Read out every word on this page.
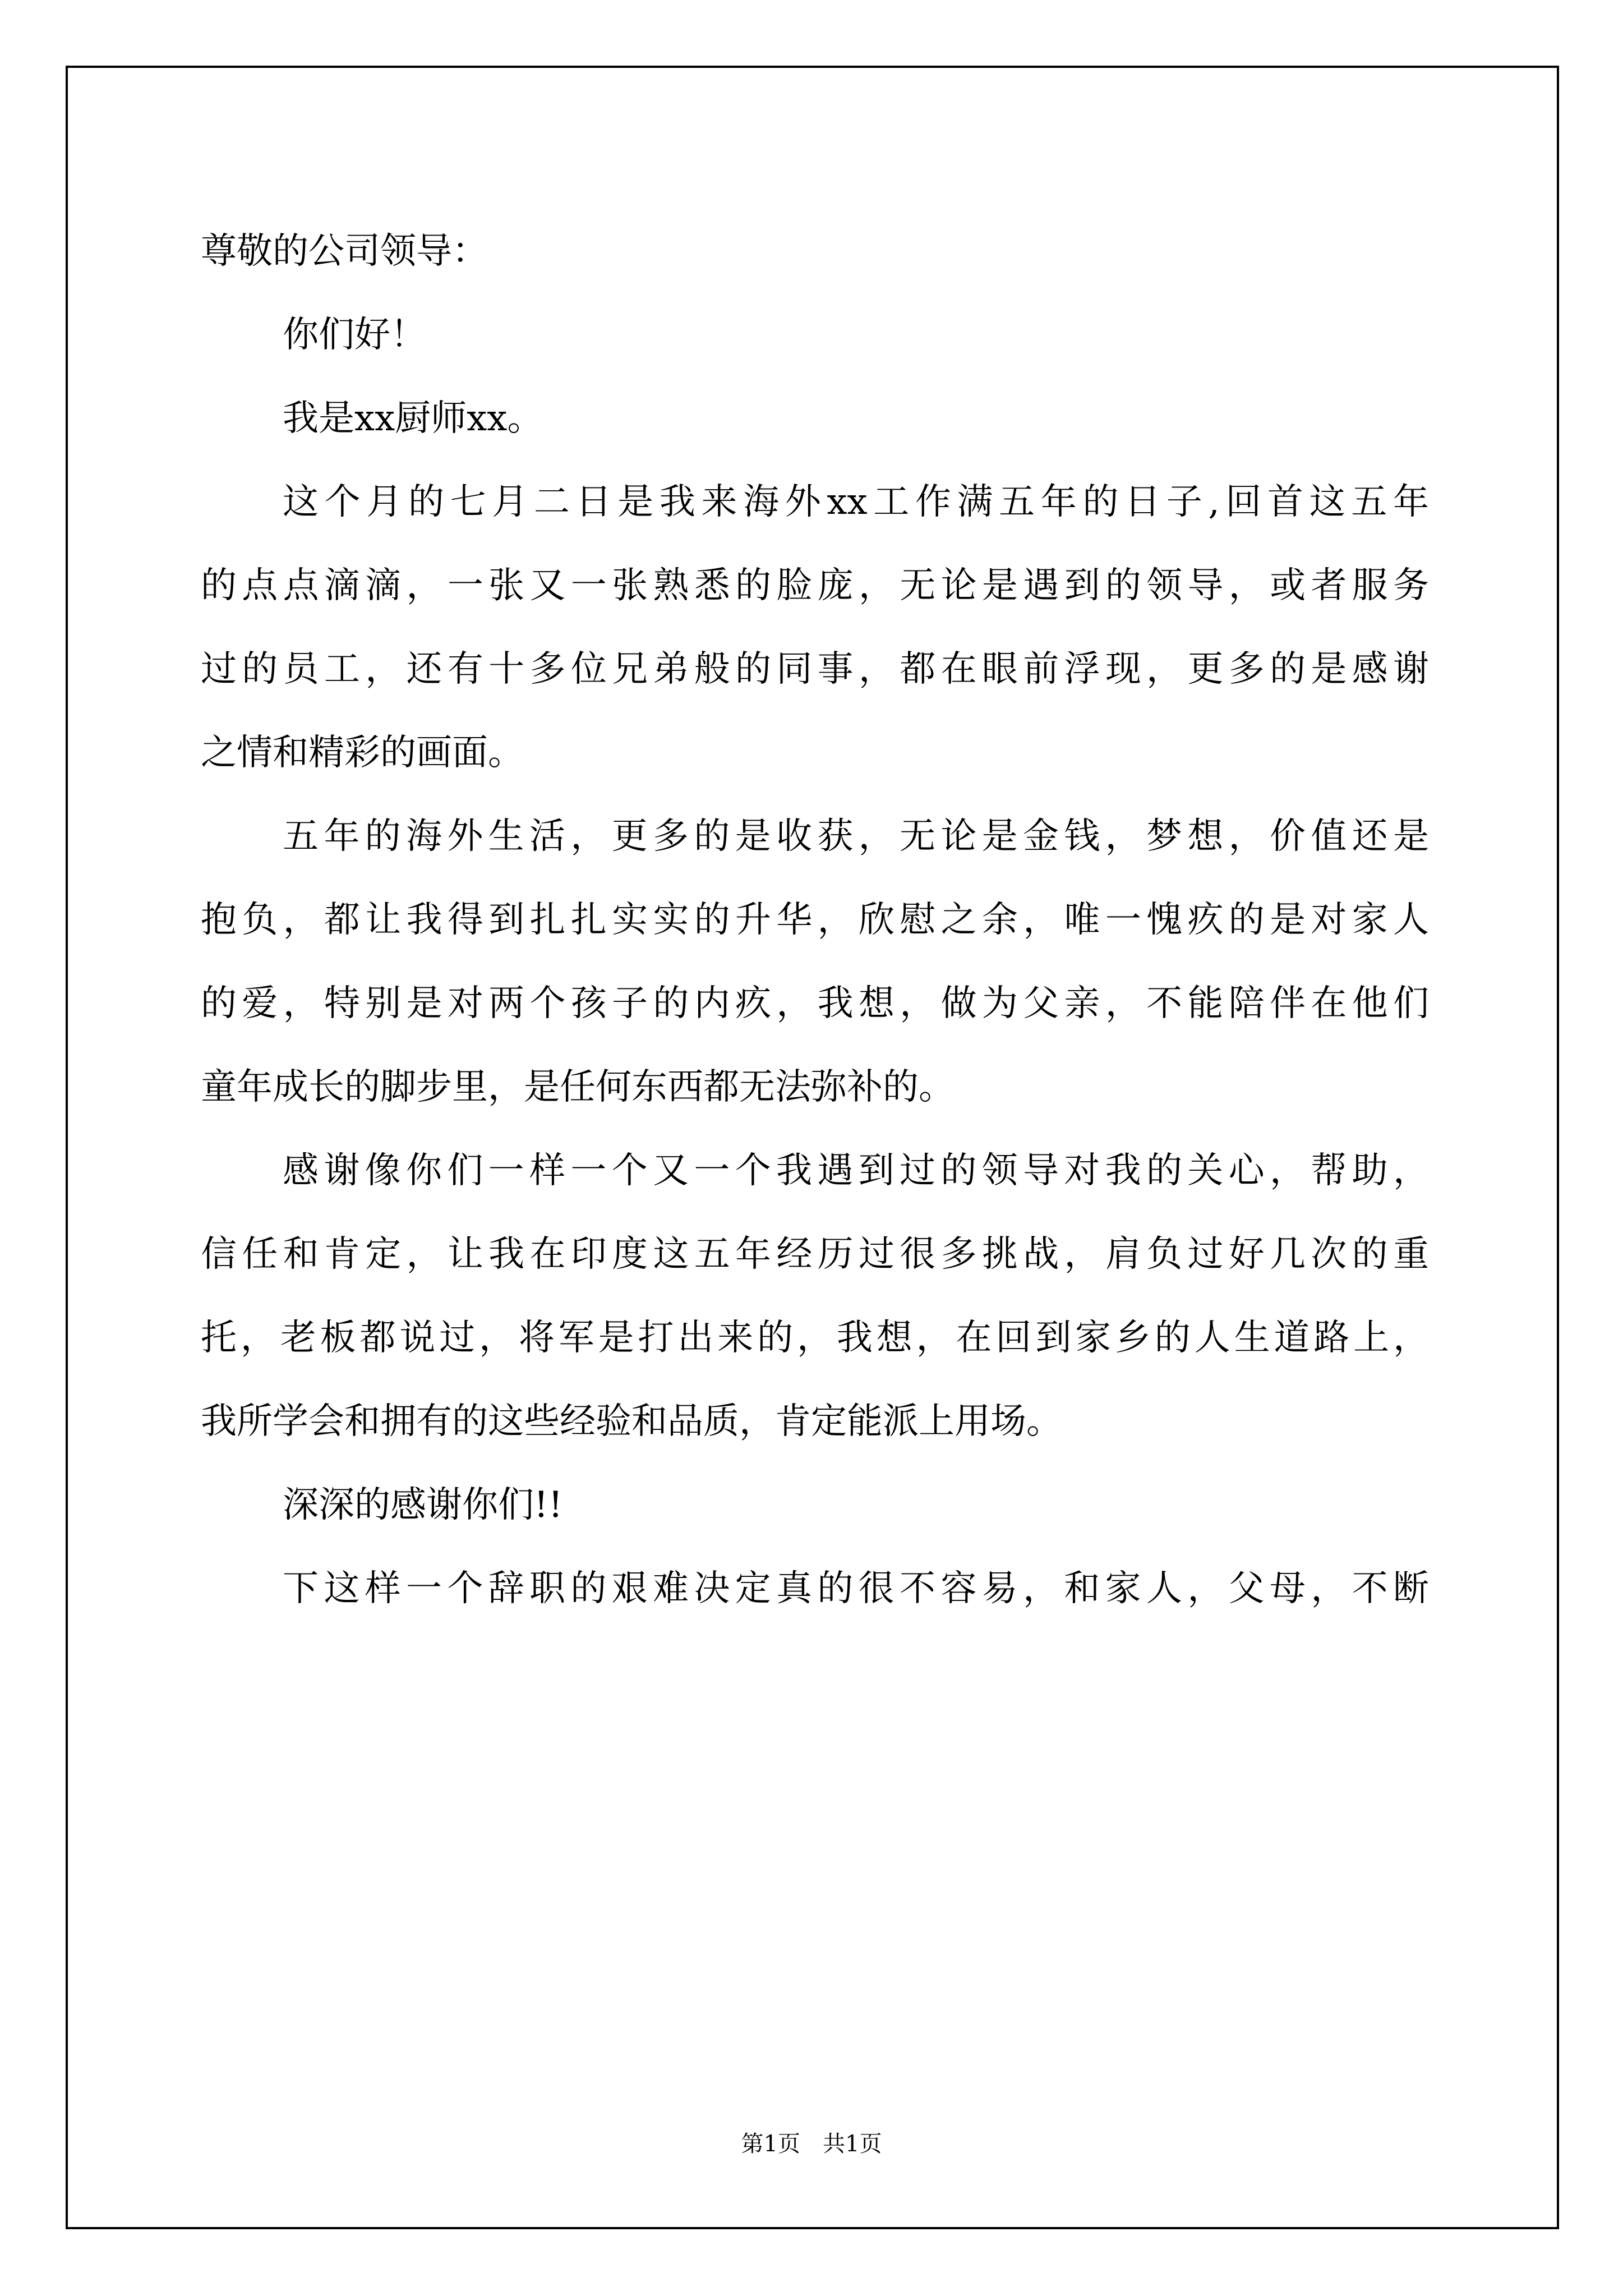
尊敬的公司领导：
你们好！
我是xx厨师xx。
这个月的七月二日是我来海外xx工作满五年的日子,回首这五年
的点点滴滴，一张又一张熟悉的脸庞，无论是遇到的领导，或者服务
过的员工，还有十多位兄弟般的同事，都在眼前浮现，更多的是感谢
之情和精彩的画面。
五年的海外生活，更多的是收获，无论是金钱，梦想，价值还是
抱负，都让我得到扎扎实实的升华，欣慰之余，唯一愧疚的是对家人
的爱，特别是对两个孩子的内疚，我想，做为父亲，不能陪伴在他们
童年成长的脚步里，是任何东西都无法弥补的。
感谢像你们一样一个又一个我遇到过的领导对我的关心，帮助，
信任和肯定，让我在印度这五年经历过很多挑战，肩负过好几次的重
托，老板都说过，将军是打出来的，我想，在回到家乡的人生道路上，
我所学会和拥有的这些经验和品质，肯定能派上用场。
深深的感谢你们!!
下这样一个辞职的艰难决定真的很不容易，和家人，父母，不断
第1页　共1页
